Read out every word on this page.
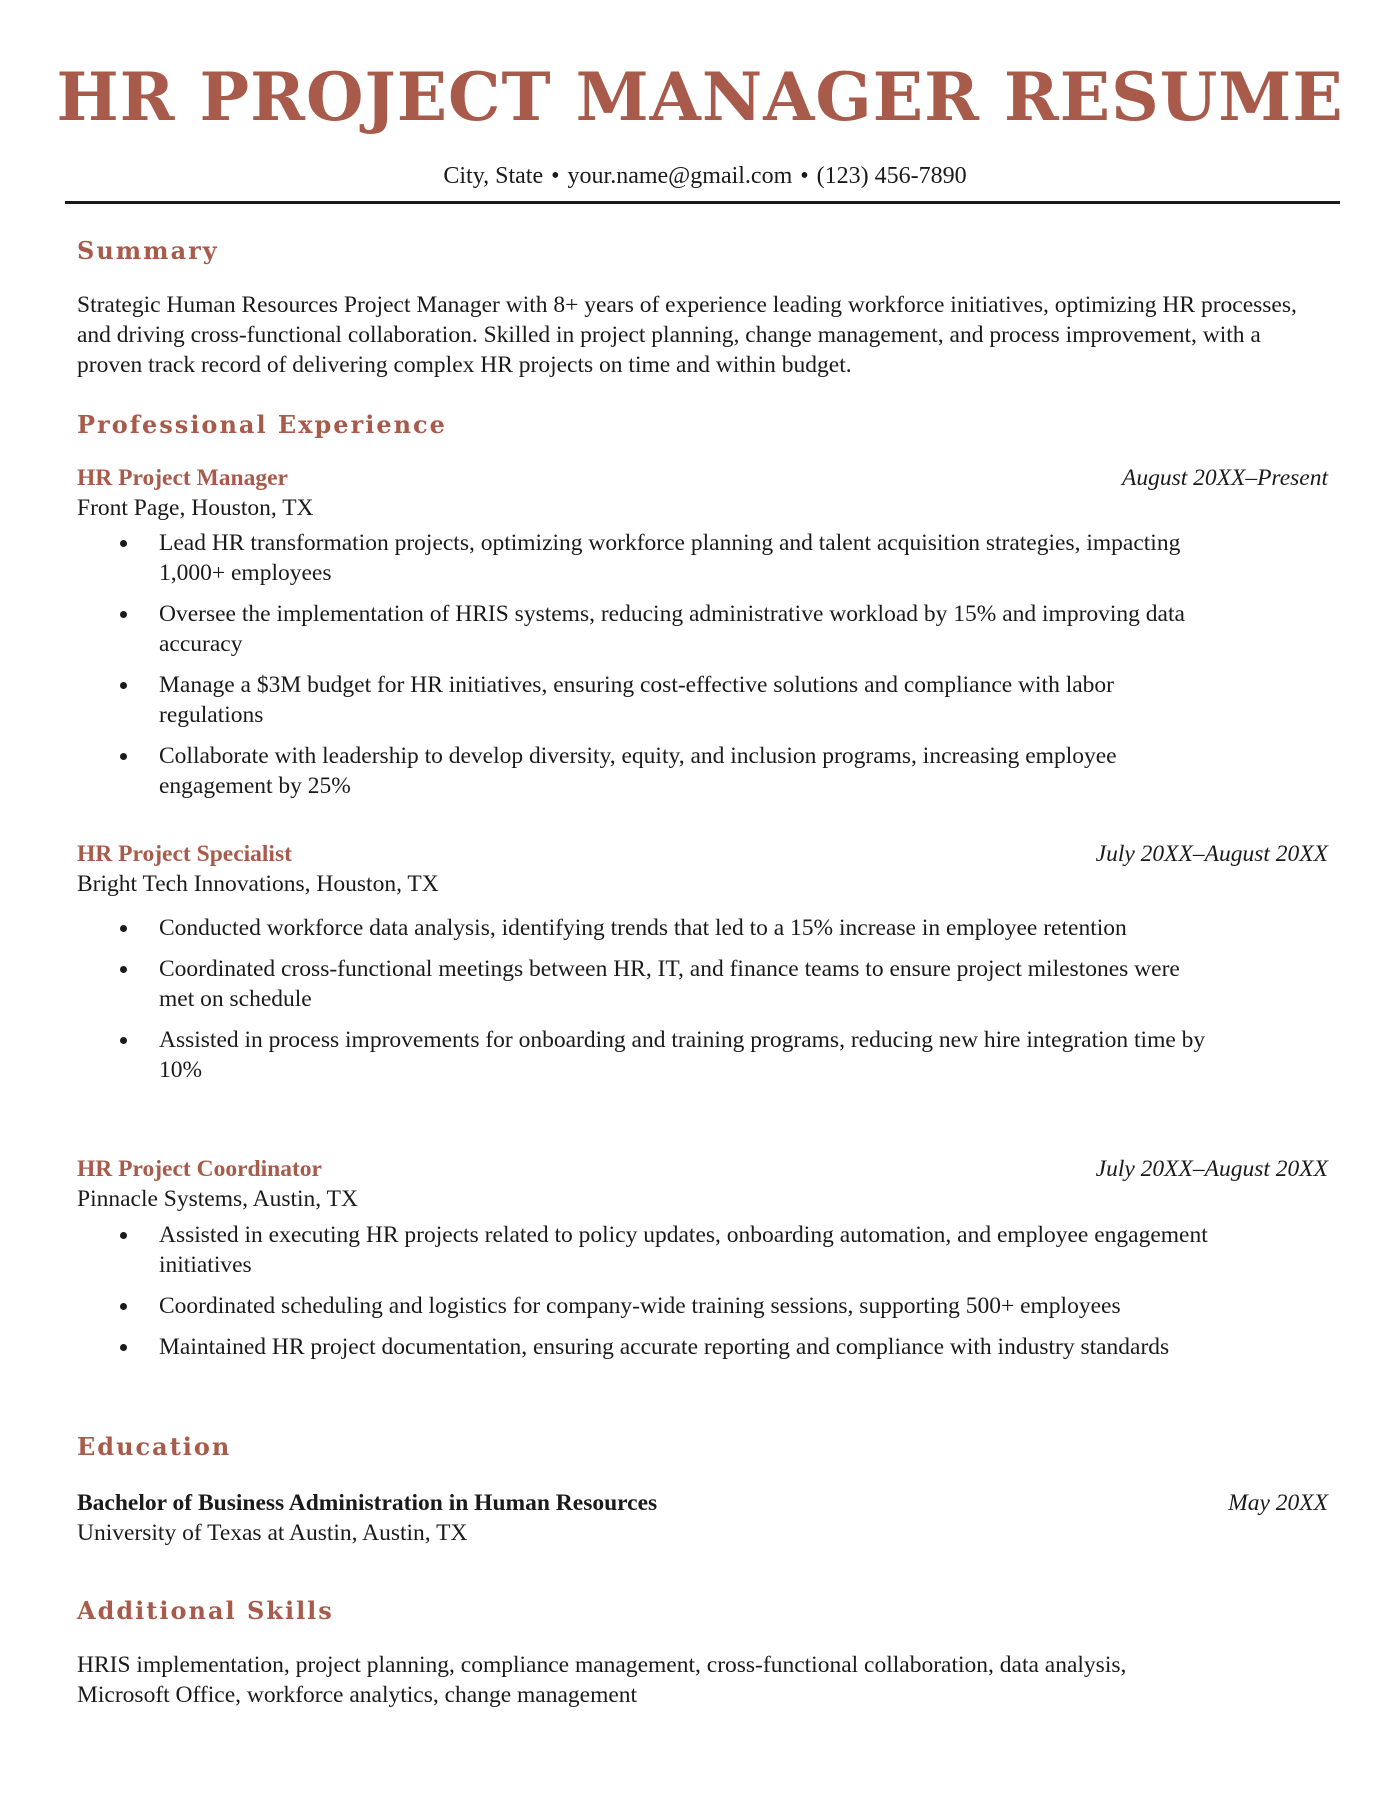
HR PROJECT MANAGER RESUME
City, State • your.name@gmail.com • (123) 456-7890
Summary
Strategic Human Resources Project Manager with 8+ years of experience leading workforce initiatives, optimizing HR processes, and driving cross-functional collaboration. Skilled in project planning, change management, and process improvement, with a proven track record of delivering complex HR projects on time and within budget.
Professional Experience
HR Project Manager	August 20XX–Present
Front Page, Houston, TX
Lead HR transformation projects, optimizing workforce planning and talent acquisition strategies, impacting 1,000+ employees
Oversee the implementation of HRIS systems, reducing administrative workload by 15% and improving data accuracy
Manage a $3M budget for HR initiatives, ensuring cost-effective solutions and compliance with labor regulations
Collaborate with leadership to develop diversity, equity, and inclusion programs, increasing employee engagement by 25%
HR Project Specialist	July 20XX–August 20XX
Bright Tech Innovations, Houston, TX
Conducted workforce data analysis, identifying trends that led to a 15% increase in employee retention
Coordinated cross-functional meetings between HR, IT, and finance teams to ensure project milestones were met on schedule
Assisted in process improvements for onboarding and training programs, reducing new hire integration time by 10%
HR Project Coordinator	July 20XX–August 20XX
Pinnacle Systems, Austin, TX
Assisted in executing HR projects related to policy updates, onboarding automation, and employee engagement initiatives
Coordinated scheduling and logistics for company-wide training sessions, supporting 500+ employees
Maintained HR project documentation, ensuring accurate reporting and compliance with industry standards
Education
Bachelor of Business Administration in Human Resources	May 20XX
University of Texas at Austin, Austin, TX
Additional Skills
HRIS implementation, project planning, compliance management, cross-functional collaboration, data analysis, Microsoft Office, workforce analytics, change management
